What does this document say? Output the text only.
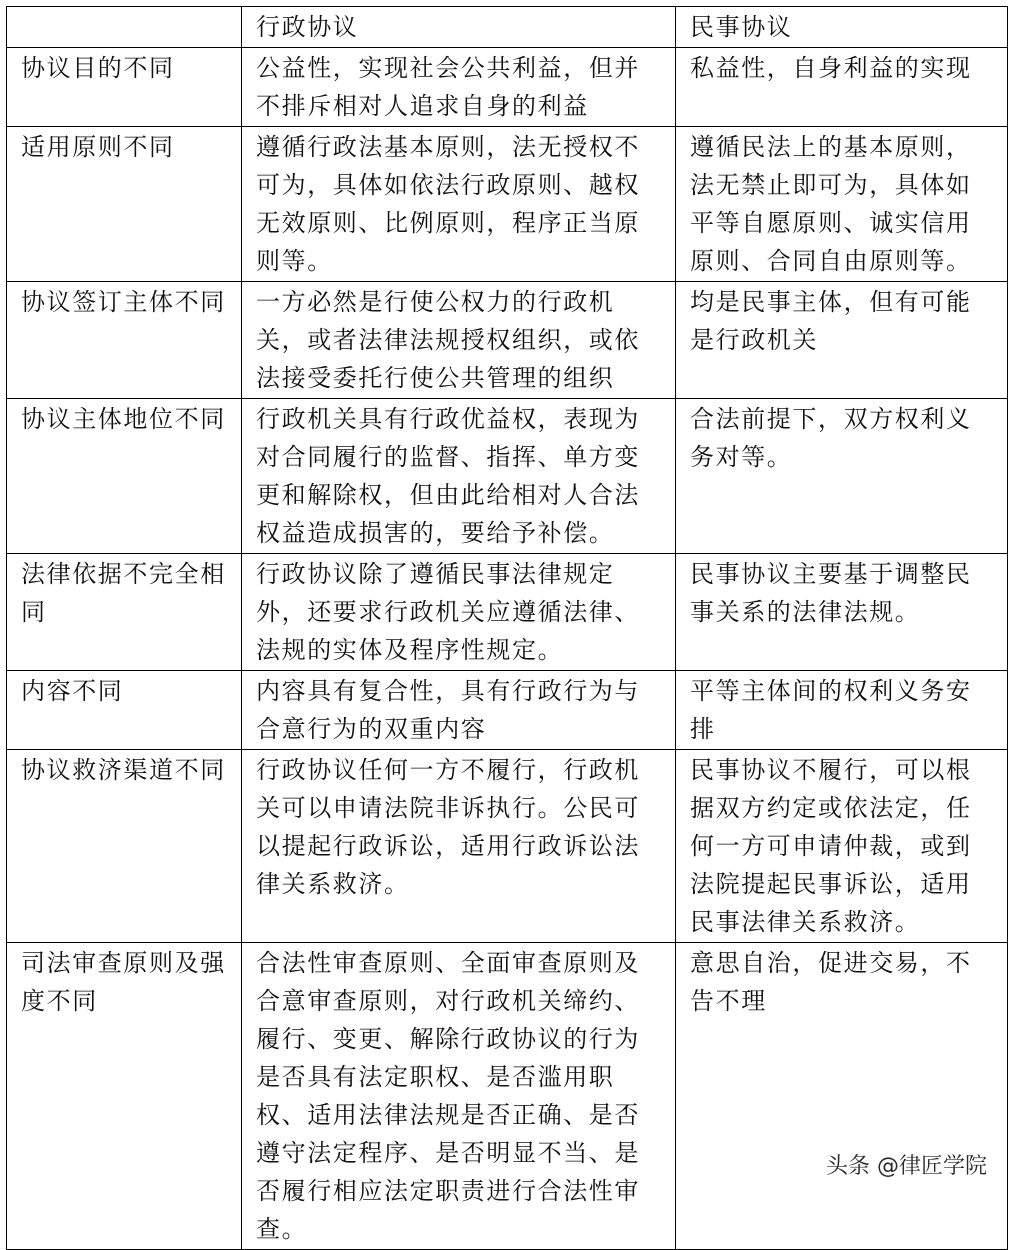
	行政协议	民事协议
协议目的不同	公益性，实现社会公共利益，但并不排斥相对人追求自身的利益	私益性，自身利益的实现
适用原则不同	遵循行政法基本原则，法无授权不可为，具体如依法行政原则、越权无效原则、比例原则，程序正当原则等。	遵循民法上的基本原则，法无禁止即可为，具体如平等自愿原则、诚实信用原则、合同自由原则等。
协议签订主体不同	一方必然是行使公权力的行政机关，或者法律法规授权组织，或依法接受委托行使公共管理的组织	均是民事主体，但有可能是行政机关
协议主体地位不同	行政机关具有行政优益权，表现为对合同履行的监督、指挥、单方变更和解除权，但由此给相对人合法权益造成损害的，要给予补偿。	合法前提下，双方权利义务对等。
法律依据不完全相同	行政协议除了遵循民事法律规定外，还要求行政机关应遵循法律、法规的实体及程序性规定。	民事协议主要基于调整民事关系的法律法规。
内容不同	内容具有复合性，具有行政行为与合意行为的双重内容	平等主体间的权利义务安排
协议救济渠道不同	行政协议任何一方不履行，行政机关可以申请法院非诉执行。公民可以提起行政诉讼，适用行政诉讼法律关系救济。	民事协议不履行，可以根据双方约定或依法定，任何一方可申请仲裁，或到法院提起民事诉讼，适用民事法律关系救济。
司法审查原则及强度不同	合法性审查原则、全面审查原则及合意审查原则，对行政机关缔约、履行、变更、解除行政协议的行为是否具有法定职权、是否滥用职权、适用法律法规是否正确、是否遵守法定程序、是否明显不当、是否履行相应法定职责进行合法性审查。	意思自治，促进交易，不告不理
头条 @律匠学院
